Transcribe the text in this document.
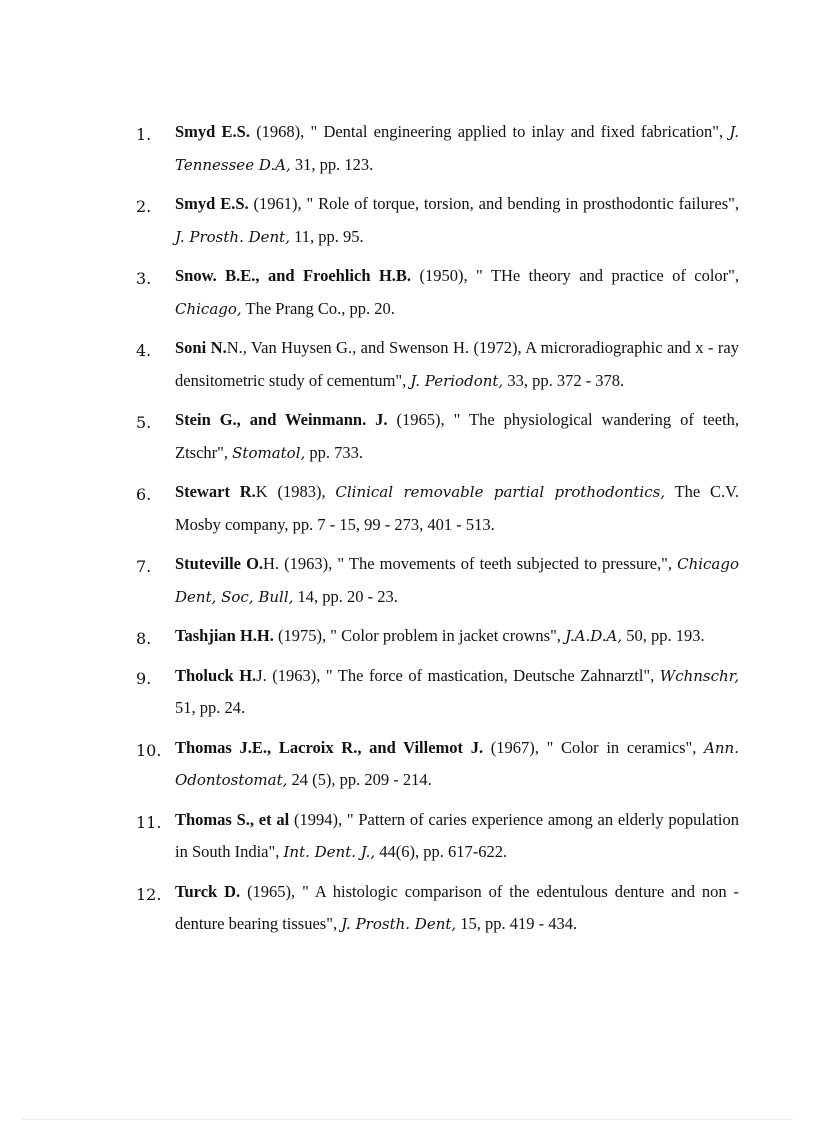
1. Smyd E.S. (1968), " Dental engineering applied to inlay and fixed fabrication", J. Tennessee D.A, 31, pp. 123.
2. Smyd E.S. (1961), " Role of torque, torsion, and bending in prosthodontic failures", J. Prosth. Dent, 11, pp. 95.
3. Snow. B.E., and Froehlich H.B. (1950), " THe theory and practice of color", Chicago, The Prang Co., pp. 20.
4. Soni N.N., Van Huysen G., and Swenson H. (1972), A microradiographic and x - ray densitometric study of cementum", J. Periodont, 33, pp. 372 - 378.
5. Stein G., and Weinmann. J. (1965), " The physiological wandering of teeth, Ztschr", Stomatol, pp. 733.
6. Stewart R.K (1983), Clinical removable partial prothodontics, The C.V. Mosby company, pp. 7 - 15, 99 - 273, 401 - 513.
7. Stuteville O.H. (1963), " The movements of teeth subjected to pressure,", Chicago Dent, Soc, Bull, 14, pp. 20 - 23.
8. Tashjian H.H. (1975), " Color problem in jacket crowns", J.A.D.A, 50, pp. 193.
9. Tholuck H.J. (1963), " The force of mastication, Deutsche Zahnarztl", Wchnschr, 51, pp. 24.
10. Thomas J.E., Lacroix R., and Villemot J. (1967), " Color in ceramics", Ann. Odontostomat, 24 (5), pp. 209 - 214.
11. Thomas S., et al (1994), " Pattern of caries experience among an elderly population in South India", Int. Dent. J., 44(6), pp. 617-622.
12. Turck D. (1965), " A histologic comparison of the edentulous denture and non - denture bearing tissues", J. Prosth. Dent, 15, pp. 419 - 434.
